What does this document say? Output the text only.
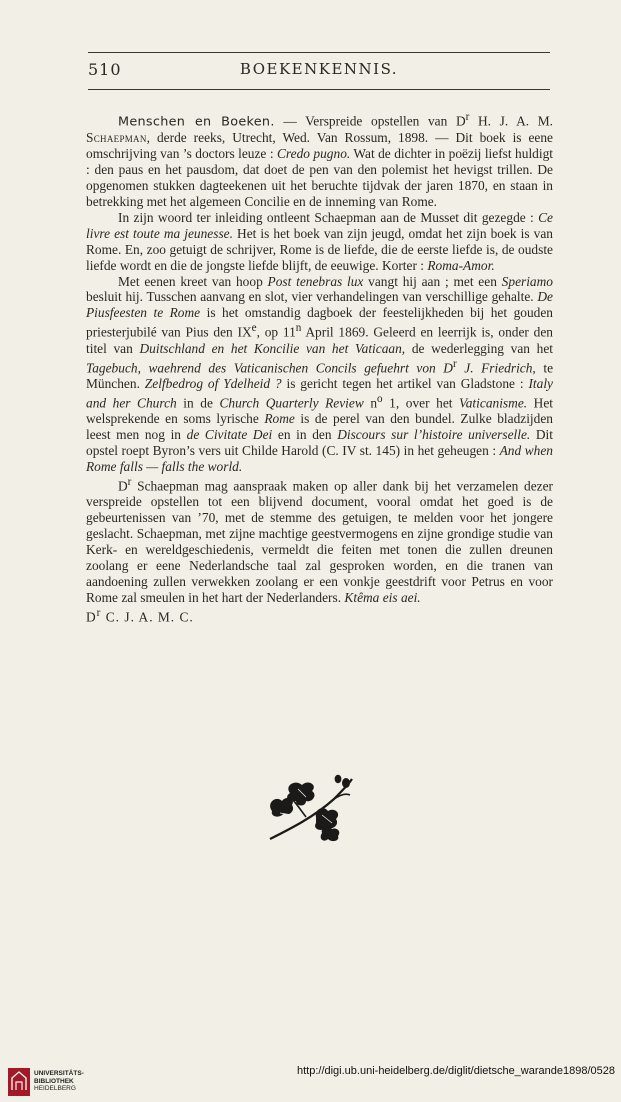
510	BOEKENKENNIS.

Menschen en Boeken. — Verspreide opstellen van $D^r$ H. J. A. M. Schaepman, derde reeks, Utrecht, Wed. Van Rossum, 1898. — Dit boek is eene omschrijving van ’s doctors leuze : Credo pugno. Wat de dichter in poëzij liefst huldigt : den paus en het pausdom, dat doet de pen van den polemist het hevigst trillen. De opgenomen stukken dagteekenen uit het beruchte tijdvak der jaren 1870, en staan in betrekking met het algemeen Concilie en de inneming van Rome.

In zijn woord ter inleiding ontleent Schaepman aan de Musset dit gezegde : Ce livre est toute ma jeunesse. Het is het boek van zijn jeugd, omdat het zijn boek is van Rome. En, zoo getuigt de schrijver, Rome is de liefde, die de eerste liefde is, de oudste liefde wordt en die de jongste liefde blijft, de eeuwige. Korter : Roma-Amor.

Met eenen kreet van hoop Post tenebras lux vangt hij aan ; met een Speriamo besluit hij. Tusschen aanvang en slot, vier verhandelingen van verschillige gehalte. De Piusfeesten te Rome is het omstandig dagboek der feestelijkheden bij het gouden priesterjubilé van Pius den IXe, op 11$^n$ April 1869. Geleerd en leerrijk is, onder den titel van Duitschland en het Koncilie van het Vaticaan, de wederlegging van het Tagebuch, waehrend des Vaticanischen Concils gefuehrt von $D^r$ J. Friedrich, te München. Zelfbedrog of Ydelheid ? is gericht tegen het artikel van Gladstone : Italy and her Church in de Church Quarterly Review $n^o$ 1, over het Vaticanisme. Het welsprekende en soms lyrische Rome is de perel van den bundel. Zulke bladzijden leest men nog in de Civitate Dei en in den Discours sur l’histoire universelle. Dit opstel roept Byron’s vers uit Childe Harold (C. IV st. 145) in het geheugen : And when Rome falls — falls the world.

$D^r$ Schaepman mag aanspraak maken op aller dank bij het verzamelen dezer verspreide opstellen tot een blijvend document, vooral omdat het goed is de gebeurtenissen van ’70, met de stemme des getuigen, te melden voor het jongere geslacht. Schaepman, met zijne machtige geestvermogens en zijne grondige studie van Kerk- en wereldgeschiedenis, vermeldt die feiten met tonen die zullen dreunen zoolang er eene Nederlandsche taal zal gesproken worden, en die tranen van aandoening zullen verwekken zoolang er een vonkje geestdrift voor Petrus en voor Rome zal smeulen in het hart der Nederlanders. Ktêma eis aei.

$D^r$ C. J. A. M. C.

UNIVERSITÄTS-
BIBLIOTHEK
HEIDELBERG
http://digi.ub.uni-heidelberg.de/diglit/dietsche_warande1898/0528
